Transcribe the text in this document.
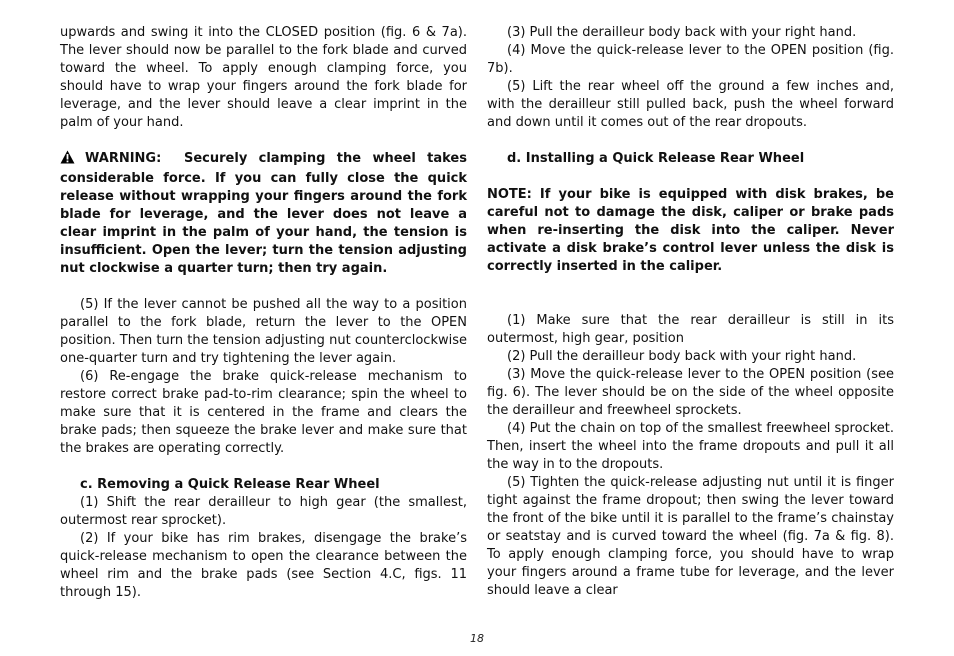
upwards and swing it into the CLOSED position (fig. 6 & 7a). The lever should now be parallel to the fork blade and curved toward the wheel. To apply enough clamping force, you should have to wrap your fingers around the fork blade for leverage, and the lever should leave a clear imprint in the palm of your hand.

WARNING: Securely clamping the wheel takes considerable force. If you can fully close the quick release without wrapping your fingers around the fork blade for leverage, and the lever does not leave a clear imprint in the palm of your hand, the tension is insufficient. Open the lever; turn the tension adjusting nut clockwise a quarter turn; then try again.

(5) If the lever cannot be pushed all the way to a position parallel to the fork blade, return the lever to the OPEN position. Then turn the tension adjusting nut counterclockwise one-quarter turn and try tightening the lever again.

(6) Re-engage the brake quick-release mechanism to restore correct brake pad-to-rim clearance; spin the wheel to make sure that it is centered in the frame and clears the brake pads; then squeeze the brake lever and make sure that the brakes are operating correctly.

c. Removing a Quick Release Rear Wheel

(1) Shift the rear derailleur to high gear (the smallest, outermost rear sprocket).

(2) If your bike has rim brakes, disengage the brake’s quick-release mechanism to open the clearance between the wheel rim and the brake pads (see Section 4.C, figs. 11 through 15).

(3) Pull the derailleur body back with your right hand.

(4) Move the quick-release lever to the OPEN position (fig. 7b).

(5) Lift the rear wheel off the ground a few inches and, with the derailleur still pulled back, push the wheel forward and down until it comes out of the rear dropouts.

d. Installing a Quick Release Rear Wheel

NOTE: If your bike is equipped with disk brakes, be careful not to damage the disk, caliper or brake pads when re-inserting the disk into the caliper. Never activate a disk brake’s control lever unless the disk is correctly inserted in the caliper.

(1) Make sure that the rear derailleur is still in its outermost, high gear, position

(2) Pull the derailleur body back with your right hand.

(3) Move the quick-release lever to the OPEN position (see fig. 6). The lever should be on the side of the wheel opposite the derailleur and freewheel sprockets.

(4) Put the chain on top of the smallest freewheel sprocket. Then, insert the wheel into the frame dropouts and pull it all the way in to the dropouts.

(5) Tighten the quick-release adjusting nut until it is finger tight against the frame dropout; then swing the lever toward the front of the bike until it is parallel to the frame’s chainstay or seatstay and is curved toward the wheel (fig. 7a & fig. 8). To apply enough clamping force, you should have to wrap your fingers around a frame tube for leverage, and the lever should leave a clear

18
